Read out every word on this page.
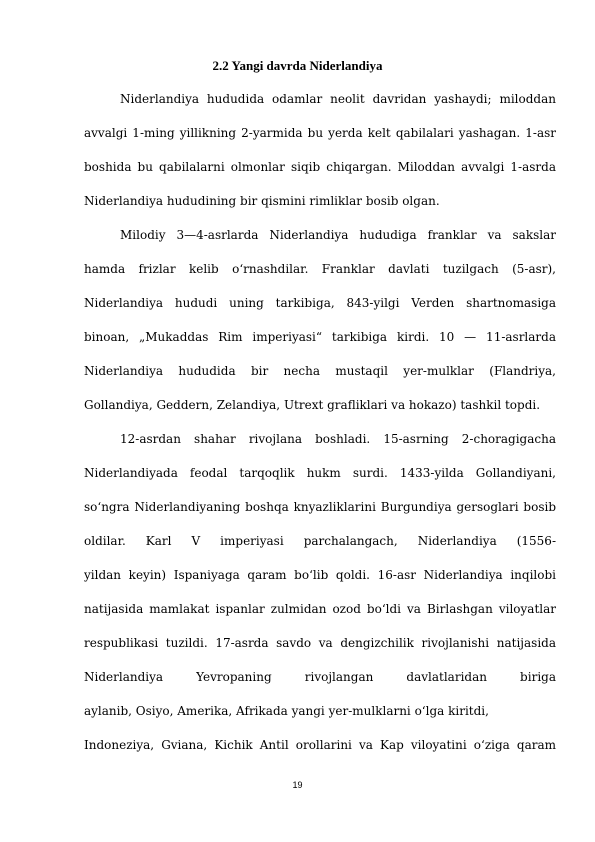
2.2 Yangi davrda Niderlandiya
Niderlandiya hududida odamlar neolit davridan yashaydi; miloddan
avvalgi 1-ming yillikning 2-yarmida bu yerda kelt qabilalari yashagan. 1-asr
boshida bu qabilalarni olmonlar siqib chiqargan. Miloddan avvalgi 1-asrda
Niderlandiya hududining bir qismini rimliklar bosib olgan.
Milodiy 3—4-asrlarda Niderlandiya hududiga franklar va sakslar
hamda frizlar kelib oʻrnashdilar. Franklar davlati tuzilgach (5-asr),
Niderlandiya hududi uning tarkibiga, 843-yilgi Verden shartnomasiga
binoan, „Mukaddas Rim imperiyasi“ tarkibiga kirdi. 10 — 11-asrlarda
Niderlandiya hududida bir necha mustaqil yer-mulklar (Flandriya,
Gollandiya, Geddern, Zelandiya, Utrext grafliklari va hokazo) tashkil topdi.
12-asrdan shahar rivojlana boshladi. 15-asrning 2-choragigacha
Niderlandiyada feodal tarqoqlik hukm surdi. 1433-yilda Gollandiyani,
soʻngra Niderlandiyaning boshqa knyazliklarini Burgundiya gersoglari bosib
oldilar. Karl V imperiyasi parchalangach, Niderlandiya (1556-
yildan keyin) Ispaniyaga qaram boʻlib qoldi. 16-asr Niderlandiya inqilobi
natijasida mamlakat ispanlar zulmidan ozod boʻldi va Birlashgan viloyatlar
respublikasi tuzildi. 17-asrda savdo va dengizchilik rivojlanishi natijasida
Niderlandiya Yevropaning rivojlangan davlatlaridan biriga
aylanib, Osiyo, Amerika, Afrikada yangi yer-mulklarni oʻlga kiritdi,
Indoneziya, Gviana, Kichik Antil orollarini va Kap viloyatini oʻziga qaram
19
